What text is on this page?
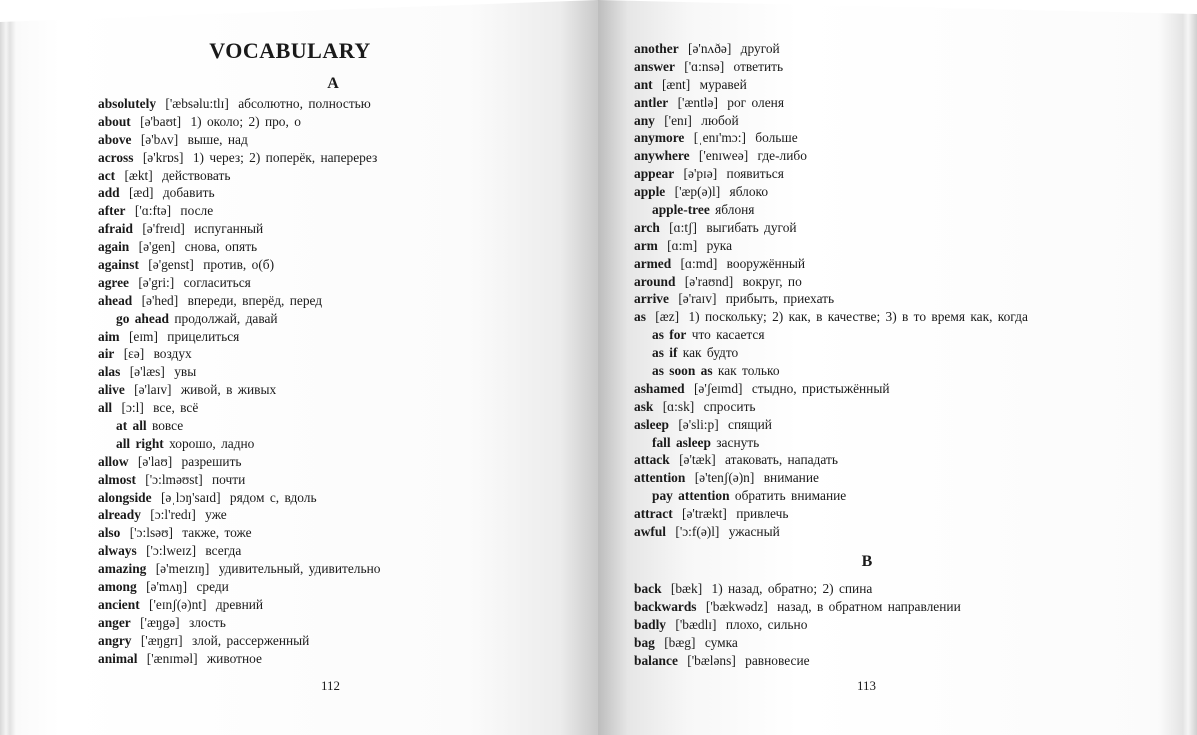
VOCABULARY
A
absolutely ['æbsəlu:tlɪ] абсолютно, полностью
about [ə'baʊt] 1) около; 2) про, о
above [ə'bʌv] выше, над
across [ə'krɒs] 1) через; 2) поперёк, наперерез
act [ækt] действовать
add [æd] добавить
after ['ɑ:ftə] после
afraid [ə'freɪd] испуганный
again [ə'gen] снова, опять
against [ə'genst] против, о(б)
agree [ə'gri:] согласиться
ahead [ə'hed] впереди, вперёд, перед
go ahead продолжай, давай
aim [eɪm] прицелиться
air [ɛə] воздух
alas [ə'læs] увы
alive [ə'laɪv] живой, в живых
all [ɔ:l] все, всё
at all вовсе
all right хорошо, ладно
allow [ə'laʊ] разрешить
almost ['ɔ:lməʊst] почти
alongside [əˌlɔŋ'saɪd] рядом с, вдоль
already [ɔ:l'redɪ] уже
also ['ɔ:lsəʊ] также, тоже
always ['ɔ:lweɪz] всегда
amazing [ə'meɪzɪŋ] удивительный, удивительно
among [ə'mʌŋ] среди
ancient ['eɪnʃ(ə)nt] древний
anger ['æŋgə] злость
angry ['æŋgrɪ] злой, рассерженный
animal ['ænɪməl] животное
112
another [ə'nʌðə] другой
answer ['ɑ:nsə] ответить
ant [ænt] муравей
antler ['æntlə] рог оленя
any ['enɪ] любой
anymore [ˌenɪ'mɔ:] больше
anywhere ['enɪweə] где-либо
appear [ə'pɪə] появиться
apple ['æp(ə)l] яблоко
apple-tree яблоня
arch [ɑ:tʃ] выгибать дугой
arm [ɑ:m] рука
armed [ɑ:md] вооружённый
around [ə'raʊnd] вокруг, по
arrive [ə'raɪv] прибыть, приехать
as [æz] 1) поскольку; 2) как, в качестве; 3) в то время как, когда
as for что касается
as if как будто
as soon as как только
ashamed [ə'ʃeɪmd] стыдно, пристыжённый
ask [ɑ:sk] спросить
asleep [ə'sli:p] спящий
fall asleep заснуть
attack [ə'tæk] атаковать, нападать
attention [ə'tenʃ(ə)n] внимание
pay attention обратить внимание
attract [ə'trækt] привлечь
awful ['ɔ:f(ə)l] ужасный
B
back [bæk] 1) назад, обратно; 2) спина
backwards ['bækwədz] назад, в обратном направлении
badly ['bædlɪ] плохо, сильно
bag [bæg] сумка
balance ['bæləns] равновесие
113
